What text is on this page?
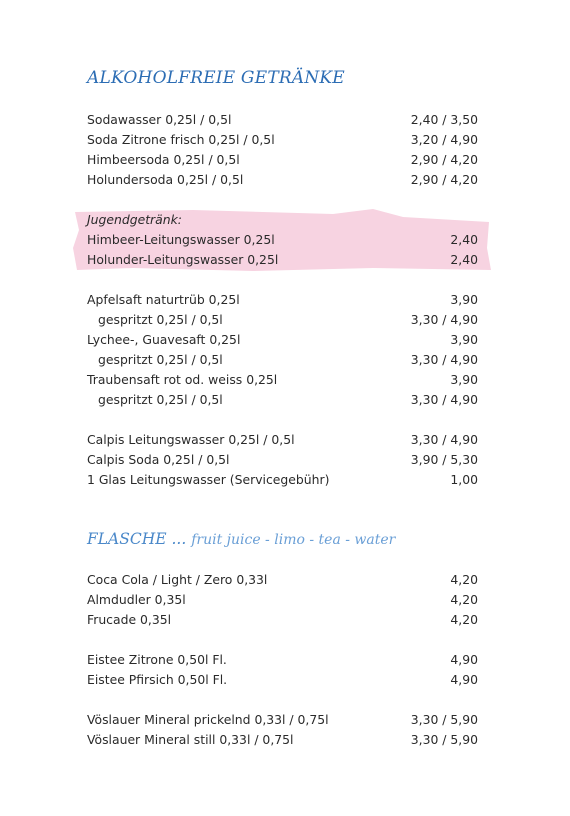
ALKOHOLFREIE GETRÄNKE
Sodawasser 0,25l / 0,5l	2,40 / 3,50
Soda Zitrone frisch 0,25l / 0,5l	3,20 / 4,90
Himbeersoda 0,25l / 0,5l	2,90 / 4,20
Holundersoda 0,25l / 0,5l	2,90 / 4,20
Jugendgetränk:
Himbeer-Leitungswasser 0,25l	2,40
Holunder-Leitungswasser 0,25l	2,40
Apfelsaft naturtrüb 0,25l	3,90
gespritzt 0,25l / 0,5l	3,30 / 4,90
Lychee-, Guavesaft 0,25l	3,90
gespritzt 0,25l / 0,5l	3,30 / 4,90
Traubensaft rot od. weiss 0,25l	3,90
gespritzt 0,25l / 0,5l	3,30 / 4,90
Calpis Leitungswasser 0,25l / 0,5l	3,30 / 4,90
Calpis Soda 0,25l / 0,5l	3,90 / 5,30
1 Glas Leitungswasser (Servicegebühr)	1,00
FLASCHE ... fruit juice - limo - tea - water
Coca Cola / Light / Zero 0,33l	4,20
Almdudler 0,35l	4,20
Frucade 0,35l	4,20
Eistee Zitrone 0,50l Fl.	4,90
Eistee Pfirsich 0,50l Fl.	4,90
Vöslauer Mineral prickelnd 0,33l / 0,75l	3,30 / 5,90
Vöslauer Mineral still 0,33l / 0,75l	3,30 / 5,90
